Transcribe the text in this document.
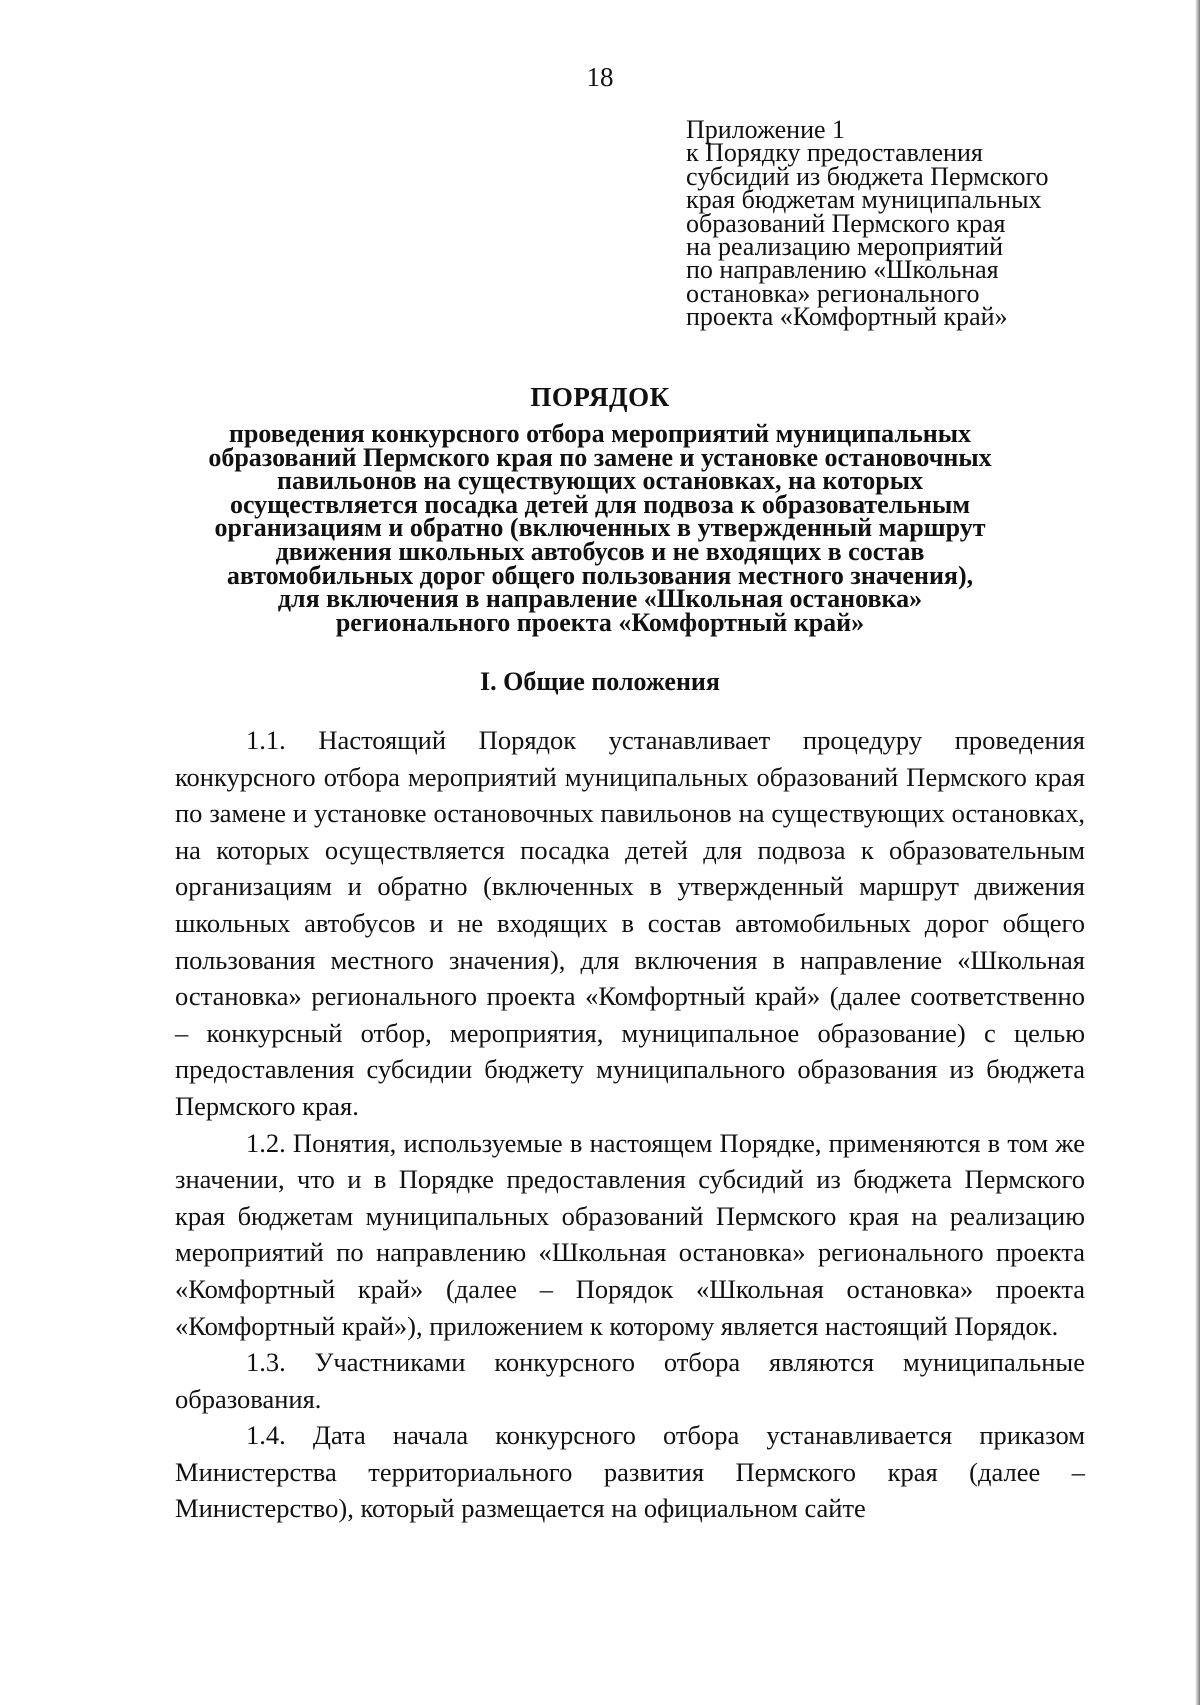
18
Приложение 1
к Порядку предоставления
субсидий из бюджета Пермского
края бюджетам муниципальных
образований Пермского края
на реализацию мероприятий
по направлению «Школьная
остановка» регионального
проекта «Комфортный край»
ПОРЯДОК
проведения конкурсного отбора мероприятий муниципальных
образований Пермского края по замене и установке остановочных
павильонов на существующих остановках, на которых
осуществляется посадка детей для подвоза к образовательным
организациям и обратно (включенных в утвержденный маршрут
движения школьных автобусов и не входящих в состав
автомобильных дорог общего пользования местного значения),
для включения в направление «Школьная остановка»
регионального проекта «Комфортный край»
I. Общие положения

1.1. Настоящий Порядок устанавливает процедуру проведения конкурсного отбора мероприятий муниципальных образований Пермского края по замене и установке остановочных павильонов на существующих остановках, на которых осуществляется посадка детей для подвоза к образовательным организациям и обратно (включенных в утвержденный маршрут движения школьных автобусов и не входящих в состав автомобильных дорог общего пользования местного значения), для включения в направление «Школьная остановка» регионального проекта «Комфортный край» (далее соответственно – конкурсный отбор, мероприятия, муниципальное образование) с целью предоставления субсидии бюджету муниципального образования из бюджета Пермского края.

1.2. Понятия, используемые в настоящем Порядке, применяются в том же значении, что и в Порядке предоставления субсидий из бюджета Пермского края бюджетам муниципальных образований Пермского края на реализацию мероприятий по направлению «Школьная остановка» регионального проекта «Комфортный край» (далее – Порядок «Школьная остановка» проекта «Комфортный край»), приложением к которому является настоящий Порядок.

1.3. Участниками конкурсного отбора являются муниципальные образования.

1.4. Дата начала конкурсного отбора устанавливается приказом Министерства территориального развития Пермского края (далее – Министерство), который размещается на официальном сайте
